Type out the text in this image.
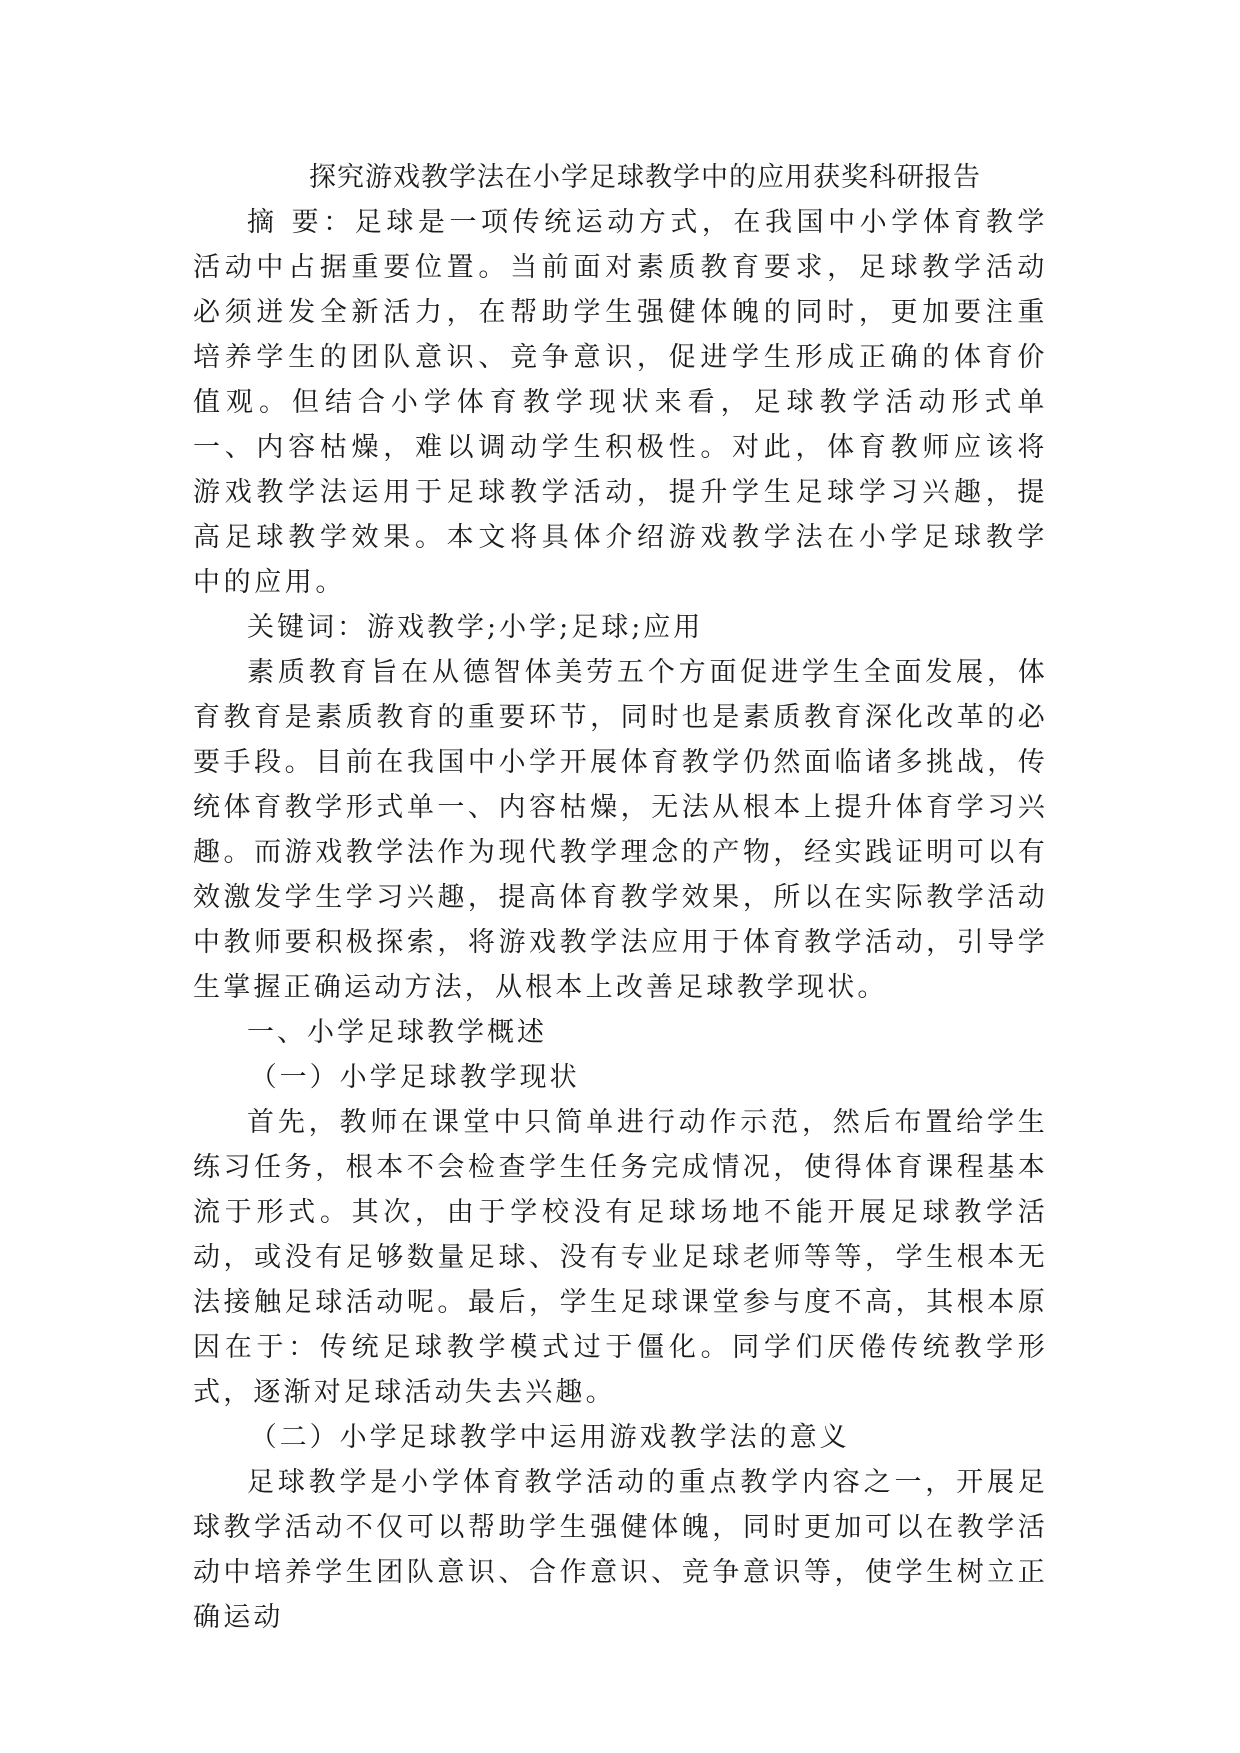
探究游戏教学法在小学足球教学中的应用获奖科研报告

摘 要：足球是一项传统运动方式，在我国中小学体育教学活动中占据重要位置。当前面对素质教育要求，足球教学活动必须迸发全新活力，在帮助学生强健体魄的同时，更加要注重培养学生的团队意识、竞争意识，促进学生形成正确的体育价值观。但结合小学体育教学现状来看，足球教学活动形式单一、内容枯燥，难以调动学生积极性。对此，体育教师应该将游戏教学法运用于足球教学活动，提升学生足球学习兴趣，提高足球教学效果。本文将具体介绍游戏教学法在小学足球教学中的应用。

关键词：游戏教学;小学;足球;应用

素质教育旨在从德智体美劳五个方面促进学生全面发展，体育教育是素质教育的重要环节，同时也是素质教育深化改革的必要手段。目前在我国中小学开展体育教学仍然面临诸多挑战，传统体育教学形式单一、内容枯燥，无法从根本上提升体育学习兴趣。而游戏教学法作为现代教学理念的产物，经实践证明可以有效激发学生学习兴趣，提高体育教学效果，所以在实际教学活动中教师要积极探索，将游戏教学法应用于体育教学活动，引导学生掌握正确运动方法，从根本上改善足球教学现状。

一、小学足球教学概述

（一）小学足球教学现状

首先，教师在课堂中只简单进行动作示范，然后布置给学生练习任务，根本不会检查学生任务完成情况，使得体育课程基本流于形式。其次，由于学校没有足球场地不能开展足球教学活动，或没有足够数量足球、没有专业足球老师等等，学生根本无法接触足球活动呢。最后，学生足球课堂参与度不高，其根本原因在于：传统足球教学模式过于僵化。同学们厌倦传统教学形式，逐渐对足球活动失去兴趣。

（二）小学足球教学中运用游戏教学法的意义

足球教学是小学体育教学活动的重点教学内容之一，开展足球教学活动不仅可以帮助学生强健体魄，同时更加可以在教学活动中培养学生团队意识、合作意识、竞争意识等，使学生树立正确运动
